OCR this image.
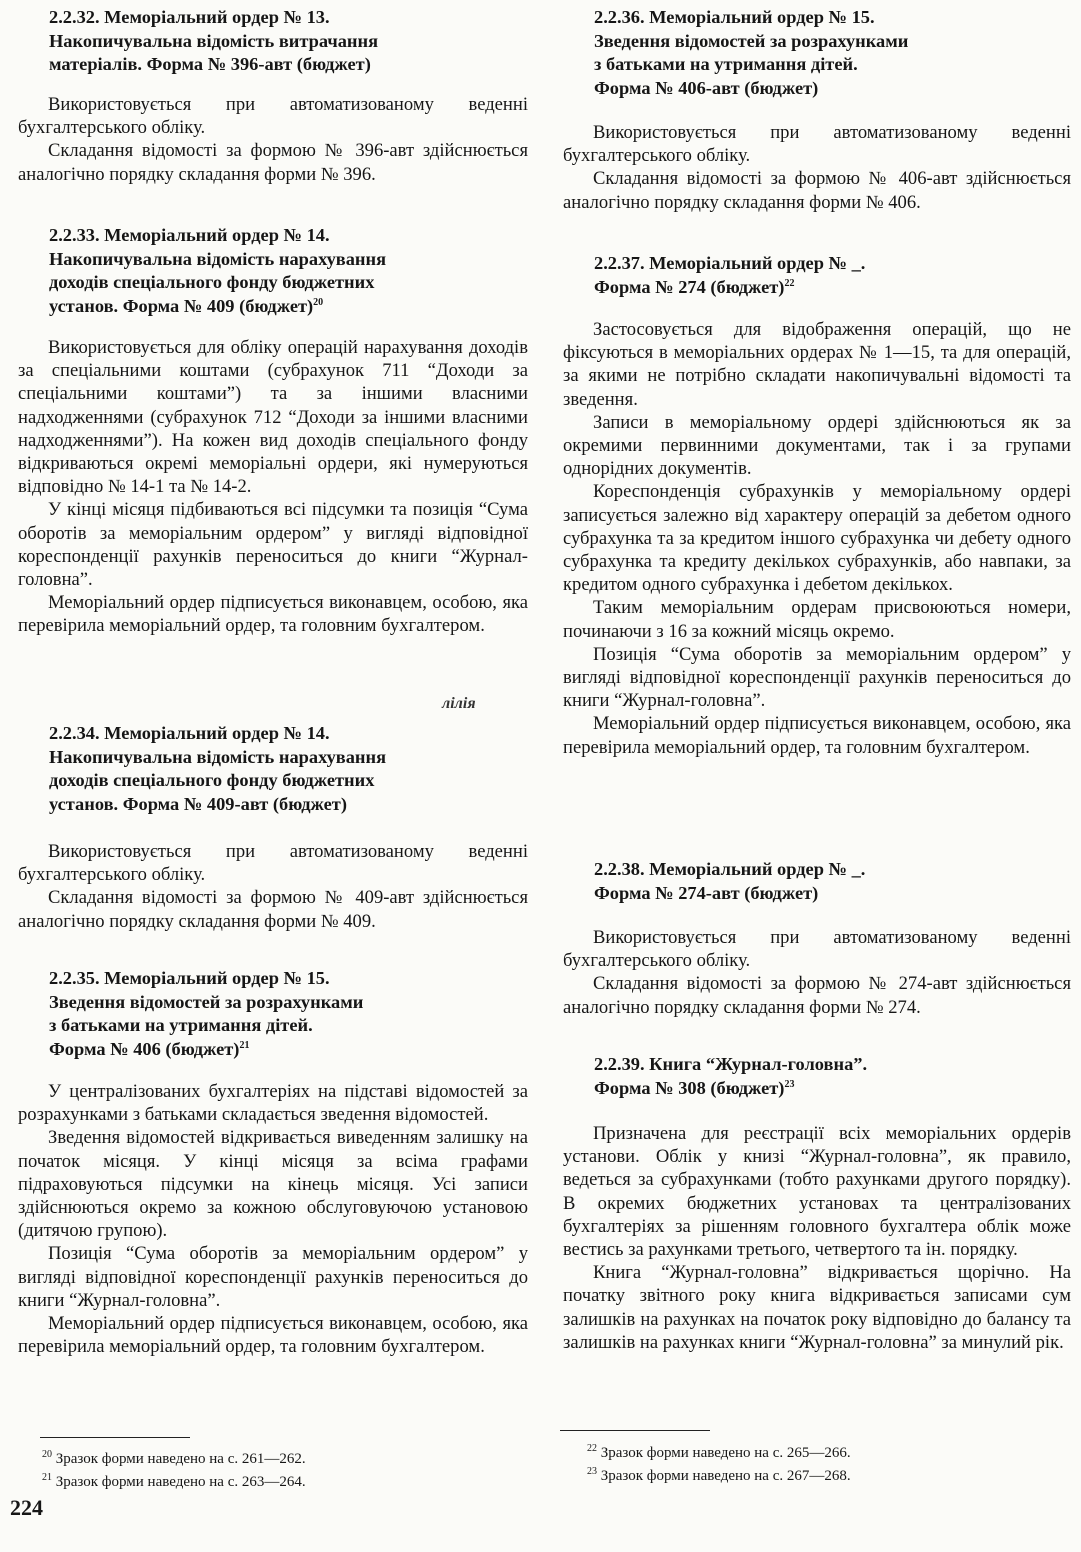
2.2.32. Меморіальний ордер № 13.
Накопичувальна відомість витрачання
матеріалів. Форма № 396-авт (бюджет)

Використовується при автоматизованому веденні бухгалтерського обліку.

Складання відомості за формою № 396-авт здійснюється аналогічно порядку складання форми № 396.

2.2.33. Меморіальний ордер № 14.
Накопичувальна відомість нарахування
доходів спеціального фонду бюджетних
установ. Форма № 409 (бюджет)$^{20}$

Використовується для обліку операцій нарахування доходів за спеціальними коштами (субрахунок 711 “Доходи за спеціальними коштами”) та за іншими власними надходженнями (субрахунок 712 “Доходи за іншими власними надходженнями”). На кожен вид доходів спеціального фонду відкриваються окремі меморіальні ордери, які нумеруються відповідно № 14-1 та № 14-2.

У кінці місяця підбиваються всі підсумки та позиція “Сума оборотів за меморіальним ордером” у вигляді відповідної кореспонденції рахунків переноситься до книги “Журнал-головна”.

Меморіальний ордер підписується виконавцем, особою, яка перевірила меморіальний ордер, та головним бухгалтером.

лілія
2.2.34. Меморіальний ордер № 14.
Накопичувальна відомість нарахування
доходів спеціального фонду бюджетних
установ. Форма № 409-авт (бюджет)

Використовується при автоматизованому веденні бухгалтерського обліку.

Складання відомості за формою № 409-авт здійснюється аналогічно порядку складання форми № 409.

2.2.35. Меморіальний ордер № 15.
Зведення відомостей за розрахунками
з батьками на утримання дітей.
Форма № 406 (бюджет)$^{21}$

У централізованих бухгалтеріях на підставі відомостей за розрахунками з батьками складається зведення відомостей.

Зведення відомостей відкривається виведенням залишку на початок місяця. У кінці місяця за всіма графами підраховуються підсумки на кінець місяця. Усі записи здійснюються окремо за кожною обслуговуючою установою (дитячою групою).

Позиція “Сума оборотів за меморіальним ордером” у вигляді відповідної кореспонденції рахунків переноситься до книги “Журнал-головна”.

Меморіальний ордер підписується виконавцем, особою, яка перевірила меморіальний ордер, та головним бухгалтером.

$^{20}$ Зразок форми наведено на с. 261—262.

$^{21}$ Зразок форми наведено на с. 263—264.

2.2.36. Меморіальний ордер № 15.
Зведення відомостей за розрахунками
з батьками на утримання дітей.
Форма № 406-авт (бюджет)

Використовується при автоматизованому веденні бухгалтерського обліку.

Складання відомості за формою № 406-авт здійснюється аналогічно порядку складання форми № 406.

2.2.37. Меморіальний ордер № _.
Форма № 274 (бюджет)$^{22}$

Застосовується для відображення операцій, що не фіксуються в меморіальних ордерах № 1—15, та для операцій, за якими не потрібно складати накопичувальні відомості та зведення.

Записи в меморіальному ордері здійснюються як за окремими первинними документами, так і за групами однорідних документів.

Кореспонденція субрахунків у меморіальному ордері записується залежно від характеру операцій за дебетом одного субрахунка та за кредитом іншого субрахунка чи дебету одного субрахунка та кредиту декількох субрахунків, або навпаки, за кредитом одного субрахунка і дебетом декількох.

Таким меморіальним ордерам присвоюються номери, починаючи з 16 за кожний місяць окремо.

Позиція “Сума оборотів за меморіальним ордером” у вигляді відповідної кореспонденції рахунків переноситься до книги “Журнал-головна”.

Меморіальний ордер підписується виконавцем, особою, яка перевірила меморіальний ордер, та головним бухгалтером.

2.2.38. Меморіальний ордер № _.
Форма № 274-авт (бюджет)

Використовується при автоматизованому веденні бухгалтерського обліку.

Складання відомості за формою № 274-авт здійснюється аналогічно порядку складання форми № 274.

2.2.39. Книга “Журнал-головна”.
Форма № 308 (бюджет)$^{23}$

Призначена для реєстрації всіх меморіальних ордерів установи. Облік у книзі “Журнал-головна”, як правило, ведеться за субрахунками (тобто рахунками другого порядку). В окремих бюджетних установах та централізованих бухгалтеріях за рішенням головного бухгалтера облік може вестись за рахунками третього, четвертого та ін. порядку.

Книга “Журнал-головна” відкривається щорічно. На початку звітного року книга відкривається записами сум залишків на рахунках на початок року відповідно до балансу та залишків на рахунках книги “Журнал-головна” за минулий рік.

$^{22}$ Зразок форми наведено на с. 265—266.

$^{23}$ Зразок форми наведено на с. 267—268.

224
